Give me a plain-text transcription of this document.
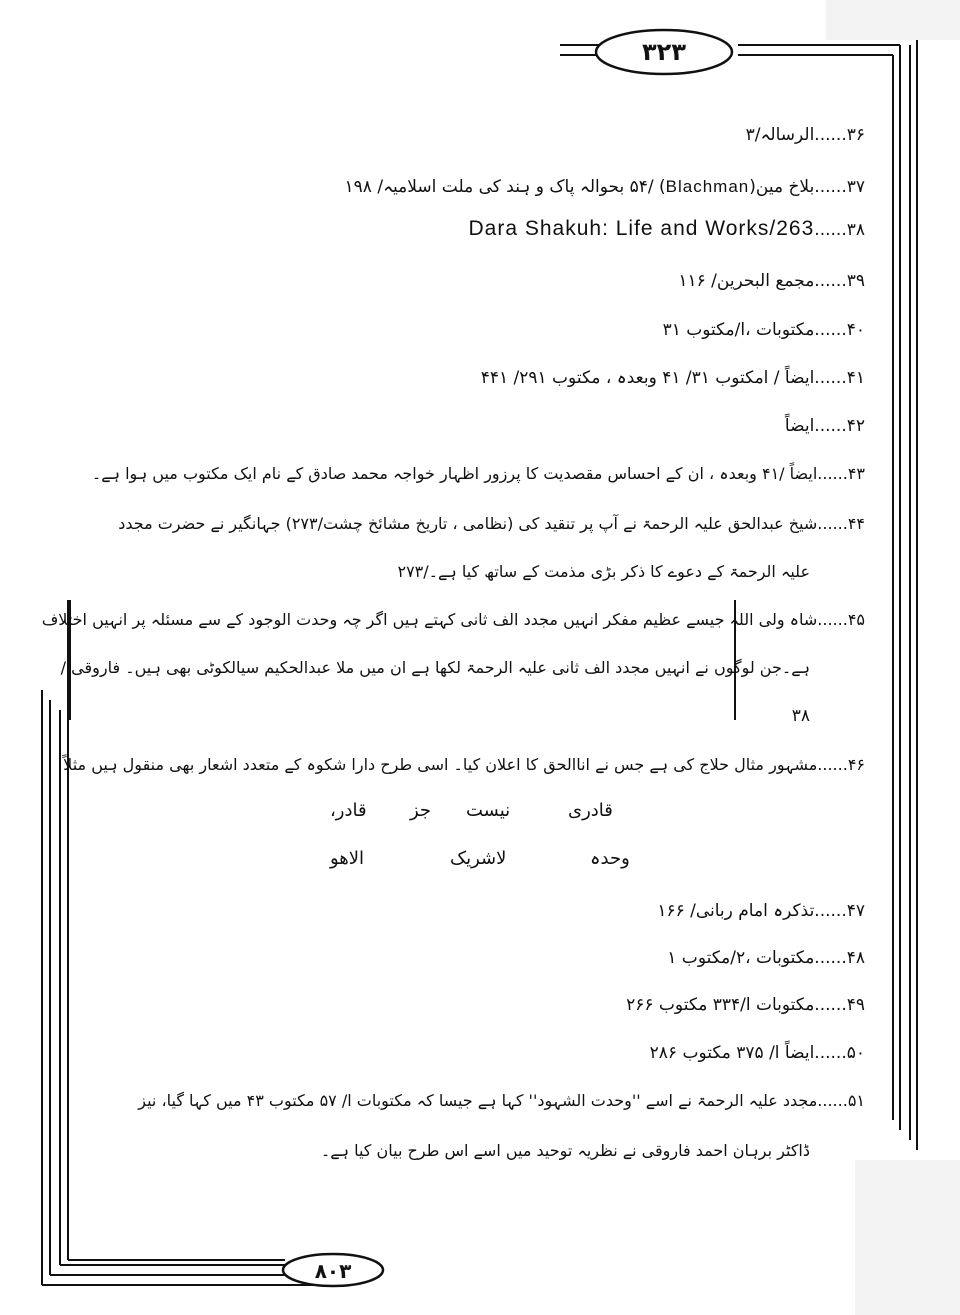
۳۲۳
۸۰۳
۳۶......الرسالہ/۳
۳۷......بلاخ مین(Blachman) /۵۴ بحوالہ پاک و ہند کی ملت اسلامیہ/ ۱۹۸
۳۸......Dara Shakuh: Life and Works/263
۳۹......مجمع البحرین/ ۱۱۶
۴۰......مکتوبات ،ا/مکتوب ۳۱
۴۱......ایضاً / امکتوب ۳۱/ ۴۱ وبعدہ ، مکتوب ۲۹۱/ ۴۴۱
۴۲......ایضاً
۴۳......ایضاً /۴۱ وبعدہ ، ان کے احساس مقصدیت کا پرزور اظہار خواجہ محمد صادق کے نام ایک مکتوب میں ہوا ہے۔
۴۴......شیخ عبدالحق علیہ الرحمۃ نے آپ پر تنقید کی (نظامی ، تاریخ مشائخ چشت/۲۷۳) جہانگیر نے حضرت مجدد
علیہ الرحمۃ کے دعوے کا ذکر بڑی مذمت کے ساتھ کیا ہے۔/۲۷۳
۴۵......شاہ ولی اللہ جیسے عظیم مفکر انہیں مجدد الف ثانی کہتے ہیں اگر چہ وحدت الوجود کے سے مسئلہ پر انہیں اختلاف
ہے۔جن لوگوں نے انہیں مجدد الف ثانی علیہ الرحمۃ لکھا ہے ان میں ملا عبدالحکیم سیالکوٹی بھی ہیں۔ فاروقی /
۳۸
۴۶......مشہور مثال حلاج کی ہے جس نے اناالحق کا اعلان کیا۔ اسی طرح دارا شکوہ کے متعدد اشعار بھی منقول ہیں مثلاً
قادری
نیست
جز
قادر،
وحدہ
لاشریک
الاھو
۴۷......تذکرہ امام ربانی/ ۱۶۶
۴۸......مکتوبات ،۲/مکتوب ۱
۴۹......مکتوبات ا/۳۳۴ مکتوب ۲۶۶
۵۰......ایضاً ا/ ۳۷۵ مکتوب ۲۸۶
۵۱......مجدد علیہ الرحمۃ نے اسے ''وحدت الشہود'' کہا ہے جیسا کہ مکتوبات ا/ ۵۷ مکتوب ۴۳ میں کہا گیا، نیز
ڈاکٹر برہان احمد فاروقی نے نظریہ توحید میں اسے اس طرح بیان کیا ہے۔
